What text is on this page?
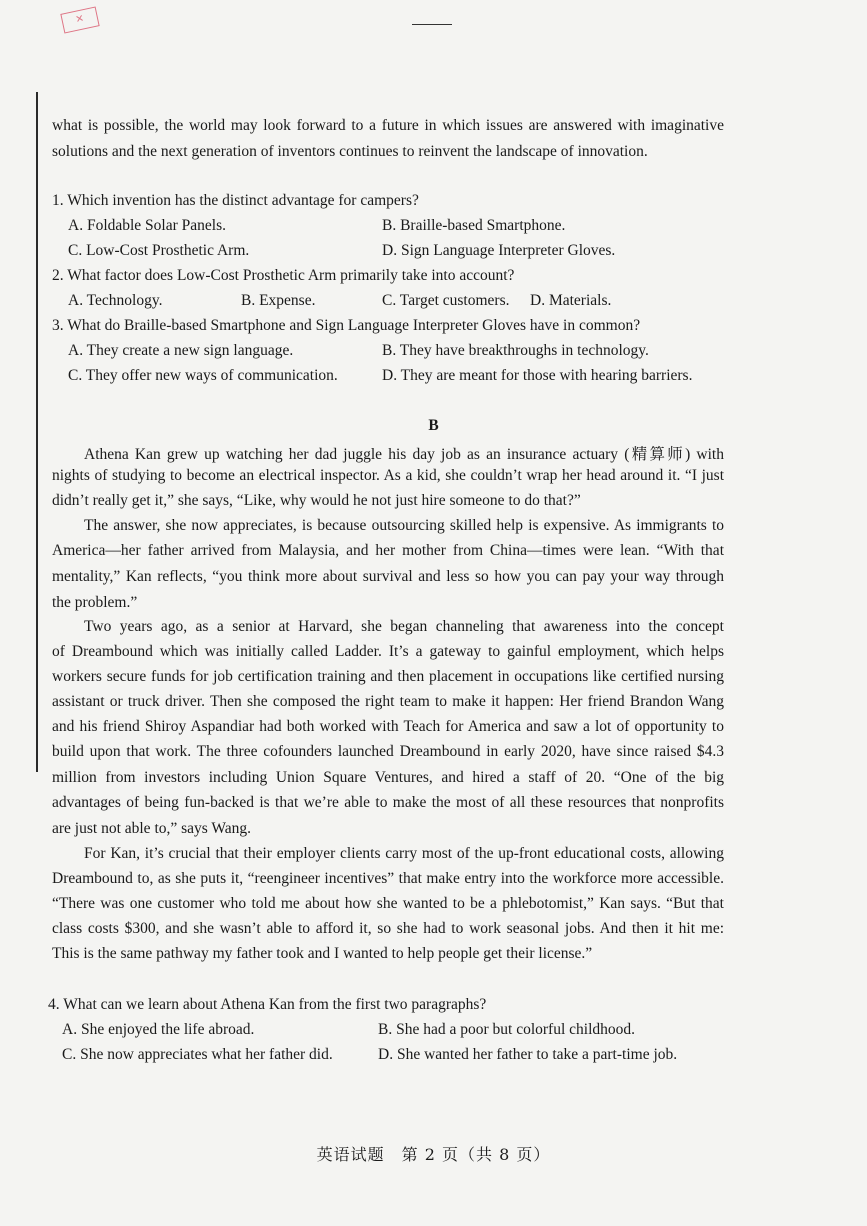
✕
what is possible, the world may look forward to a future in which issues are answered with imaginative
solutions and the next generation of inventors continues to reinvent the landscape of innovation.
1. Which invention has the distinct advantage for campers?
A. Foldable Solar Panels.	B. Braille-based Smartphone.
C. Low-Cost Prosthetic Arm.	D. Sign Language Interpreter Gloves.
2. What factor does Low-Cost Prosthetic Arm primarily take into account?
A. Technology.	B. Expense.	C. Target customers. D. Materials.
3. What do Braille-based Smartphone and Sign Language Interpreter Gloves have in common?
A. They create a new sign language.	B. They have breakthroughs in technology.
C. They offer new ways of communication.	D. They are meant for those with hearing barriers.
B
Athena Kan grew up watching her dad juggle his day job as an insurance actuary (精算师) with
nights of studying to become an electrical inspector. As a kid, she couldn’t wrap her head around it. “I just
didn’t really get it,” she says, “Like, why would he not just hire someone to do that?”
The answer, she now appreciates, is because outsourcing skilled help is expensive. As immigrants to
America—her father arrived from Malaysia, and her mother from China—times were lean. “With that
mentality,” Kan reflects, “you think more about survival and less so how you can pay your way through
the problem.”
Two years ago, as a senior at Harvard, she began channeling that awareness into the concept
of Dreambound which was initially called Ladder. It’s a gateway to gainful employment, which helps
workers secure funds for job certification training and then placement in occupations like certified nursing
assistant or truck driver. Then she composed the right team to make it happen: Her friend Brandon Wang
and his friend Shiroy Aspandiar had both worked with Teach for America and saw a lot of opportunity to
build upon that work. The three cofounders launched Dreambound in early 2020, have since raised $4.3
million from investors including Union Square Ventures, and hired a staff of 20. “One of the big
advantages of being fun-backed is that we’re able to make the most of all these resources that nonprofits
are just not able to,” says Wang.
For Kan, it’s crucial that their employer clients carry most of the up-front educational costs, allowing
Dreambound to, as she puts it, “reengineer incentives” that make entry into the workforce more accessible.
“There was one customer who told me about how she wanted to be a phlebotomist,” Kan says. “But that
class costs $300, and she wasn’t able to afford it, so she had to work seasonal jobs. And then it hit me:
This is the same pathway my father took and I wanted to help people get their license.”
4. What can we learn about Athena Kan from the first two paragraphs?
A. She enjoyed the life abroad.	B. She had a poor but colorful childhood.
C. She now appreciates what her father did.	D. She wanted her father to take a part-time job.
英语试题　第 2 页（共 8 页）
